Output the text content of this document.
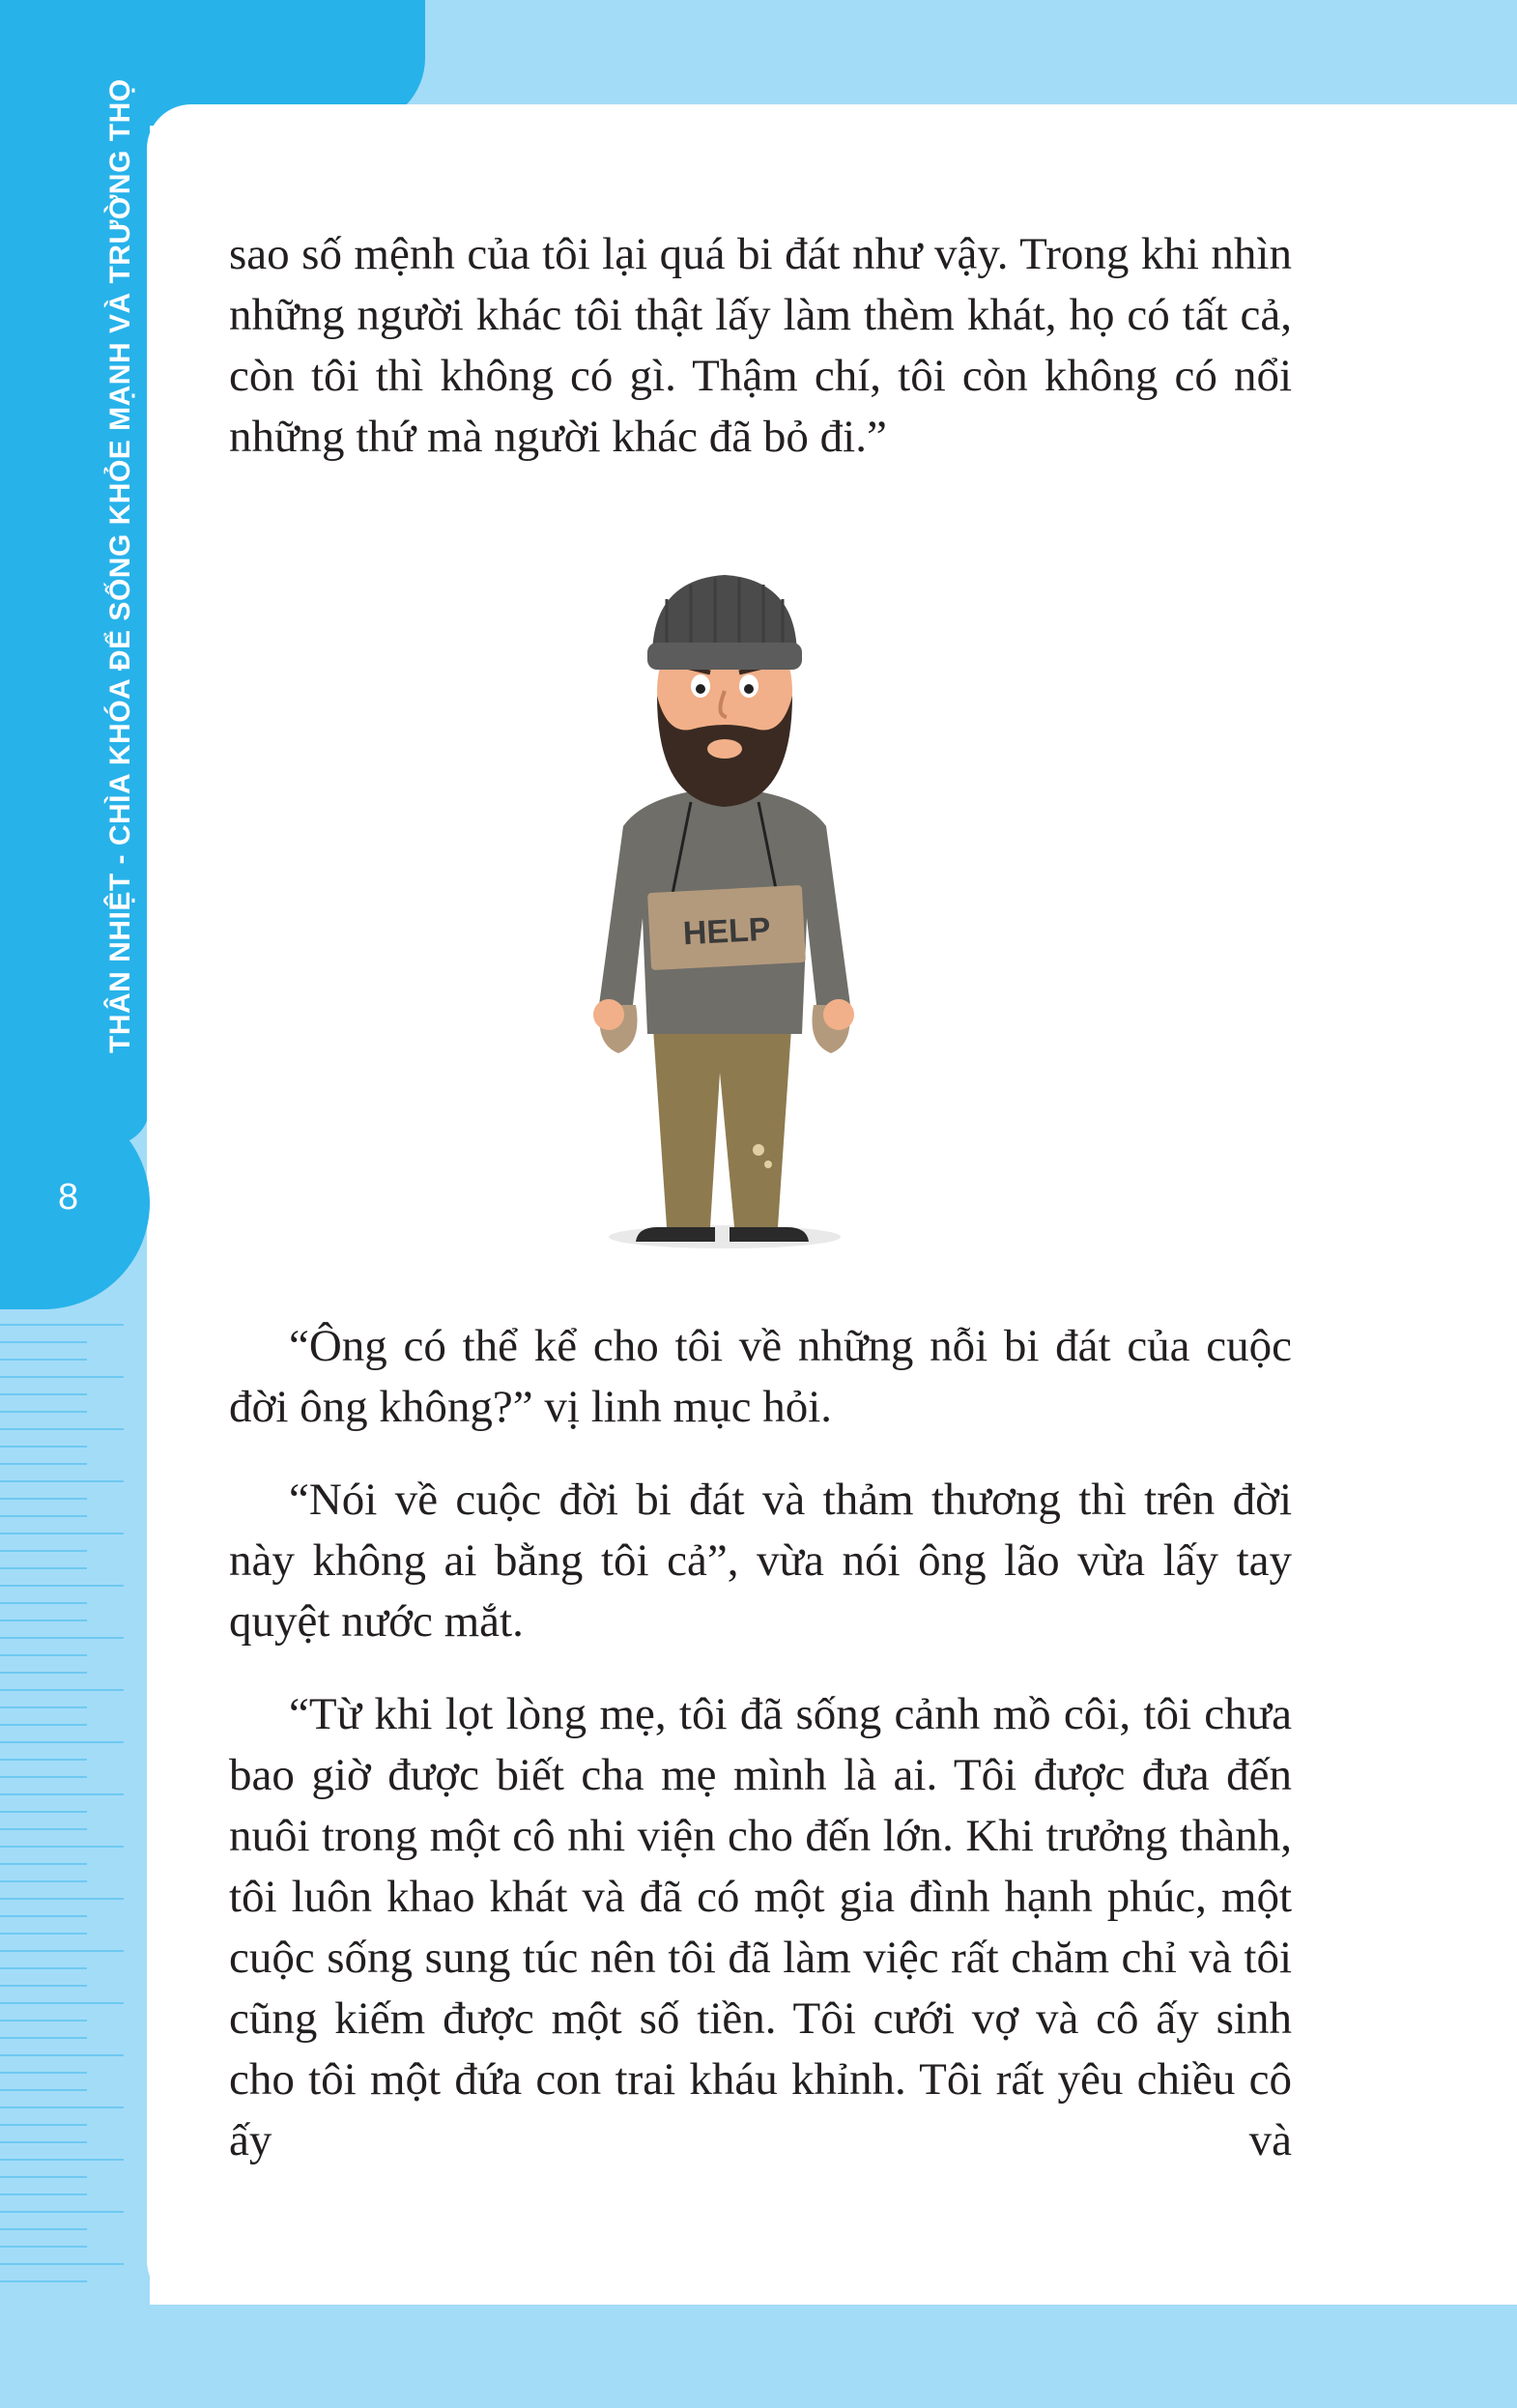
THÂN NHIỆT - CHÌA KHÓA ĐỂ SỐNG KHỎE MẠNH VÀ TRƯỜNG THỌ
8

sao số mệnh của tôi lại quá bi đát như vậy. Trong khi nhìn những người khác tôi thật lấy làm thèm khát, họ có tất cả, còn tôi thì không có gì. Thậm chí, tôi còn không có nổi những thứ mà người khác đã bỏ đi.”

HELP

“Ông có thể kể cho tôi về những nỗi bi đát của cuộc đời ông không?” vị linh mục hỏi.

“Nói về cuộc đời bi đát và thảm thương thì trên đời này không ai bằng tôi cả”, vừa nói ông lão vừa lấy tay quyệt nước mắt.

“Từ khi lọt lòng mẹ, tôi đã sống cảnh mồ côi, tôi chưa bao giờ được biết cha mẹ mình là ai. Tôi được đưa đến nuôi trong một cô nhi viện cho đến lớn. Khi trưởng thành, tôi luôn khao khát và đã có một gia đình hạnh phúc, một cuộc sống sung túc nên tôi đã làm việc rất chăm chỉ và tôi cũng kiếm được một số tiền. Tôi cưới vợ và cô ấy sinh cho tôi một đứa con trai kháu khỉnh. Tôi rất yêu chiều cô ấy và
